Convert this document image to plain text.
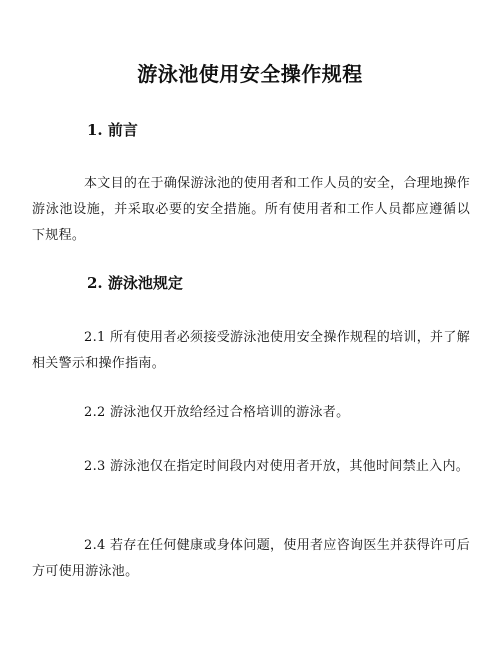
游泳池使用安全操作规程
1. 前言
本文目的在于确保游泳池的使用者和工作人员的安全，合理地操作游泳池设施，并采取必要的安全措施。所有使用者和工作人员都应遵循以下规程。
2. 游泳池规定
2.1 所有使用者必须接受游泳池使用安全操作规程的培训，并了解相关警示和操作指南。
2.2 游泳池仅开放给经过合格培训的游泳者。
2.3 游泳池仅在指定时间段内对使用者开放，其他时间禁止入内。
2.4 若存在任何健康或身体问题，使用者应咨询医生并获得许可后方可使用游泳池。
